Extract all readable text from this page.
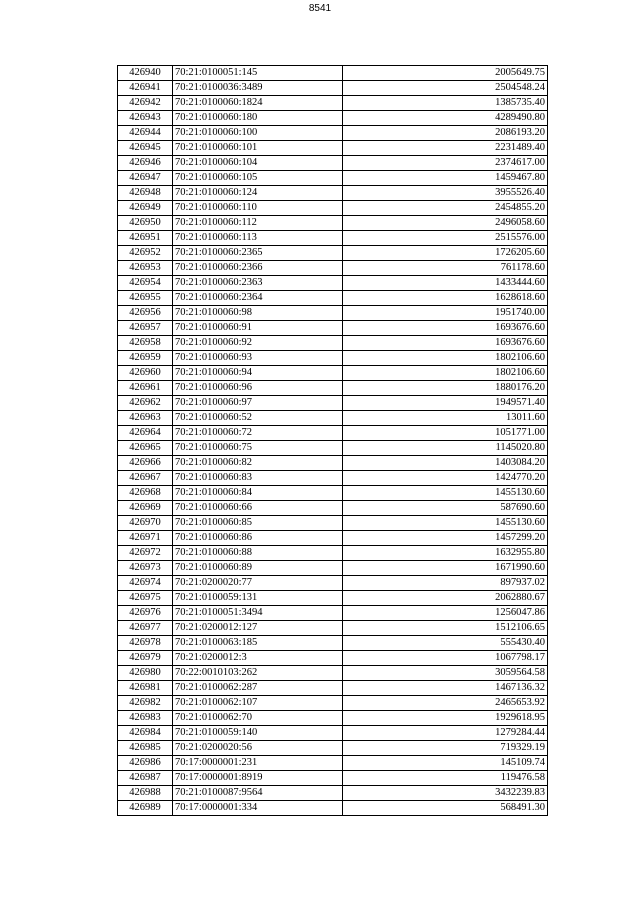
8541
426940	70:21:0100051:145	2005649.75
426941	70:21:0100036:3489	2504548.24
426942	70:21:0100060:1824	1385735.40
426943	70:21:0100060:180	4289490.80
426944	70:21:0100060:100	2086193.20
426945	70:21:0100060:101	2231489.40
426946	70:21:0100060:104	2374617.00
426947	70:21:0100060:105	1459467.80
426948	70:21:0100060:124	3955526.40
426949	70:21:0100060:110	2454855.20
426950	70:21:0100060:112	2496058.60
426951	70:21:0100060:113	2515576.00
426952	70:21:0100060:2365	1726205.60
426953	70:21:0100060:2366	761178.60
426954	70:21:0100060:2363	1433444.60
426955	70:21:0100060:2364	1628618.60
426956	70:21:0100060:98	1951740.00
426957	70:21:0100060:91	1693676.60
426958	70:21:0100060:92	1693676.60
426959	70:21:0100060:93	1802106.60
426960	70:21:0100060:94	1802106.60
426961	70:21:0100060:96	1880176.20
426962	70:21:0100060:97	1949571.40
426963	70:21:0100060:52	13011.60
426964	70:21:0100060:72	1051771.00
426965	70:21:0100060:75	1145020.80
426966	70:21:0100060:82	1403084.20
426967	70:21:0100060:83	1424770.20
426968	70:21:0100060:84	1455130.60
426969	70:21:0100060:66	587690.60
426970	70:21:0100060:85	1455130.60
426971	70:21:0100060:86	1457299.20
426972	70:21:0100060:88	1632955.80
426973	70:21:0100060:89	1671990.60
426974	70:21:0200020:77	897937.02
426975	70:21:0100059:131	2062880.67
426976	70:21:0100051:3494	1256047.86
426977	70:21:0200012:127	1512106.65
426978	70:21:0100063:185	555430.40
426979	70:21:0200012:3	1067798.17
426980	70:22:0010103:262	3059564.58
426981	70:21:0100062:287	1467136.32
426982	70:21:0100062:107	2465653.92
426983	70:21:0100062:70	1929618.95
426984	70:21:0100059:140	1279284.44
426985	70:21:0200020:56	719329.19
426986	70:17:0000001:231	145109.74
426987	70:17:0000001:8919	119476.58
426988	70:21:0100087:9564	3432239.83
426989	70:17:0000001:334	568491.30
